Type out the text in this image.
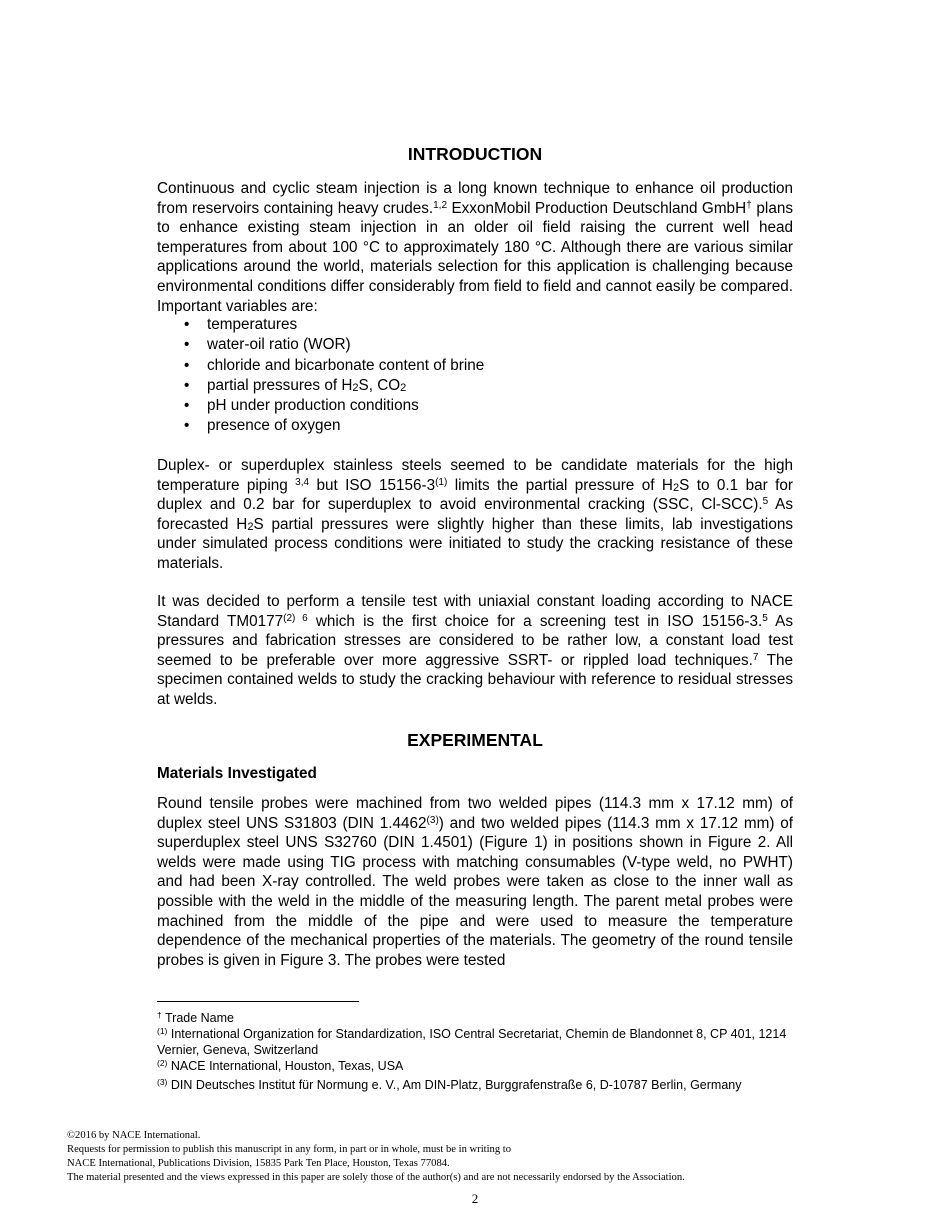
INTRODUCTION
Continuous and cyclic steam injection is a long known technique to enhance oil production from reservoirs containing heavy crudes.$^{1,2}$ ExxonMobil Production Deutschland GmbH† plans to enhance existing steam injection in an older oil field raising the current well head temperatures from about 100 °C to approximately 180 °C. Although there are various similar applications around the world, materials selection for this application is challenging because environmental conditions differ considerably from field to field and cannot easily be compared. Important variables are:
• temperatures
• water-oil ratio (WOR)
• chloride and bicarbonate content of brine
• partial pressures of $H_2S$, $CO_2$
• pH under production conditions
• presence of oxygen
Duplex- or superduplex stainless steels seemed to be candidate materials for the high temperature piping $^{3,4}$ but ISO 15156-3$^{(1)}$ limits the partial pressure of $H_2S$ to 0.1 bar for duplex and 0.2 bar for superduplex to avoid environmental cracking (SSC, Cl-SCC).$^5$ As forecasted $H_2S$ partial pressures were slightly higher than these limits, lab investigations under simulated process conditions were initiated to study the cracking resistance of these materials.
It was decided to perform a tensile test with uniaxial constant loading according to NACE Standard $TM0177^{(2) 6}$ which is the first choice for a screening test in ISO 15156-3.$^5$ As pressures and fabrication stresses are considered to be rather low, a constant load test seemed to be preferable over more aggressive SSRT- or rippled load techniques.$^7$ The specimen contained welds to study the cracking behaviour with reference to residual stresses at welds.
EXPERIMENTAL
Materials Investigated
Round tensile probes were machined from two welded pipes (114.3 mm x 17.12 mm) of duplex steel UNS S31803 (DIN 1.4462$^{(3)}$) and two welded pipes (114.3 mm x 17.12 mm) of superduplex steel UNS S32760 (DIN 1.4501) (Figure 1) in positions shown in Figure 2. All welds were made using TIG process with matching consumables (V-type weld, no PWHT) and had been X-ray controlled. The weld probes were taken as close to the inner wall as possible with the weld in the middle of the measuring length. The parent metal probes were machined from the middle of the pipe and were used to measure the temperature dependence of the mechanical properties of the materials. The geometry of the round tensile probes is given in Figure 3. The probes were tested
† Trade Name
$^{(1)}$ International Organization for Standardization, ISO Central Secretariat, Chemin de Blandonnet 8, CP 401, 1214 Vernier, Geneva, Switzerland
$^{(2)}$ NACE International, Houston, Texas, USA
$^{(3)}$ DIN Deutsches Institut für Normung e. V., Am DIN-Platz, Burggrafenstraße 6, D-10787 Berlin, Germany
©2016 by NACE International.
Requests for permission to publish this manuscript in any form, in part or in whole, must be in writing to
NACE International, Publications Division, 15835 Park Ten Place, Houston, Texas 77084.
The material presented and the views expressed in this paper are solely those of the author(s) and are not necessarily endorsed by the Association.
2
